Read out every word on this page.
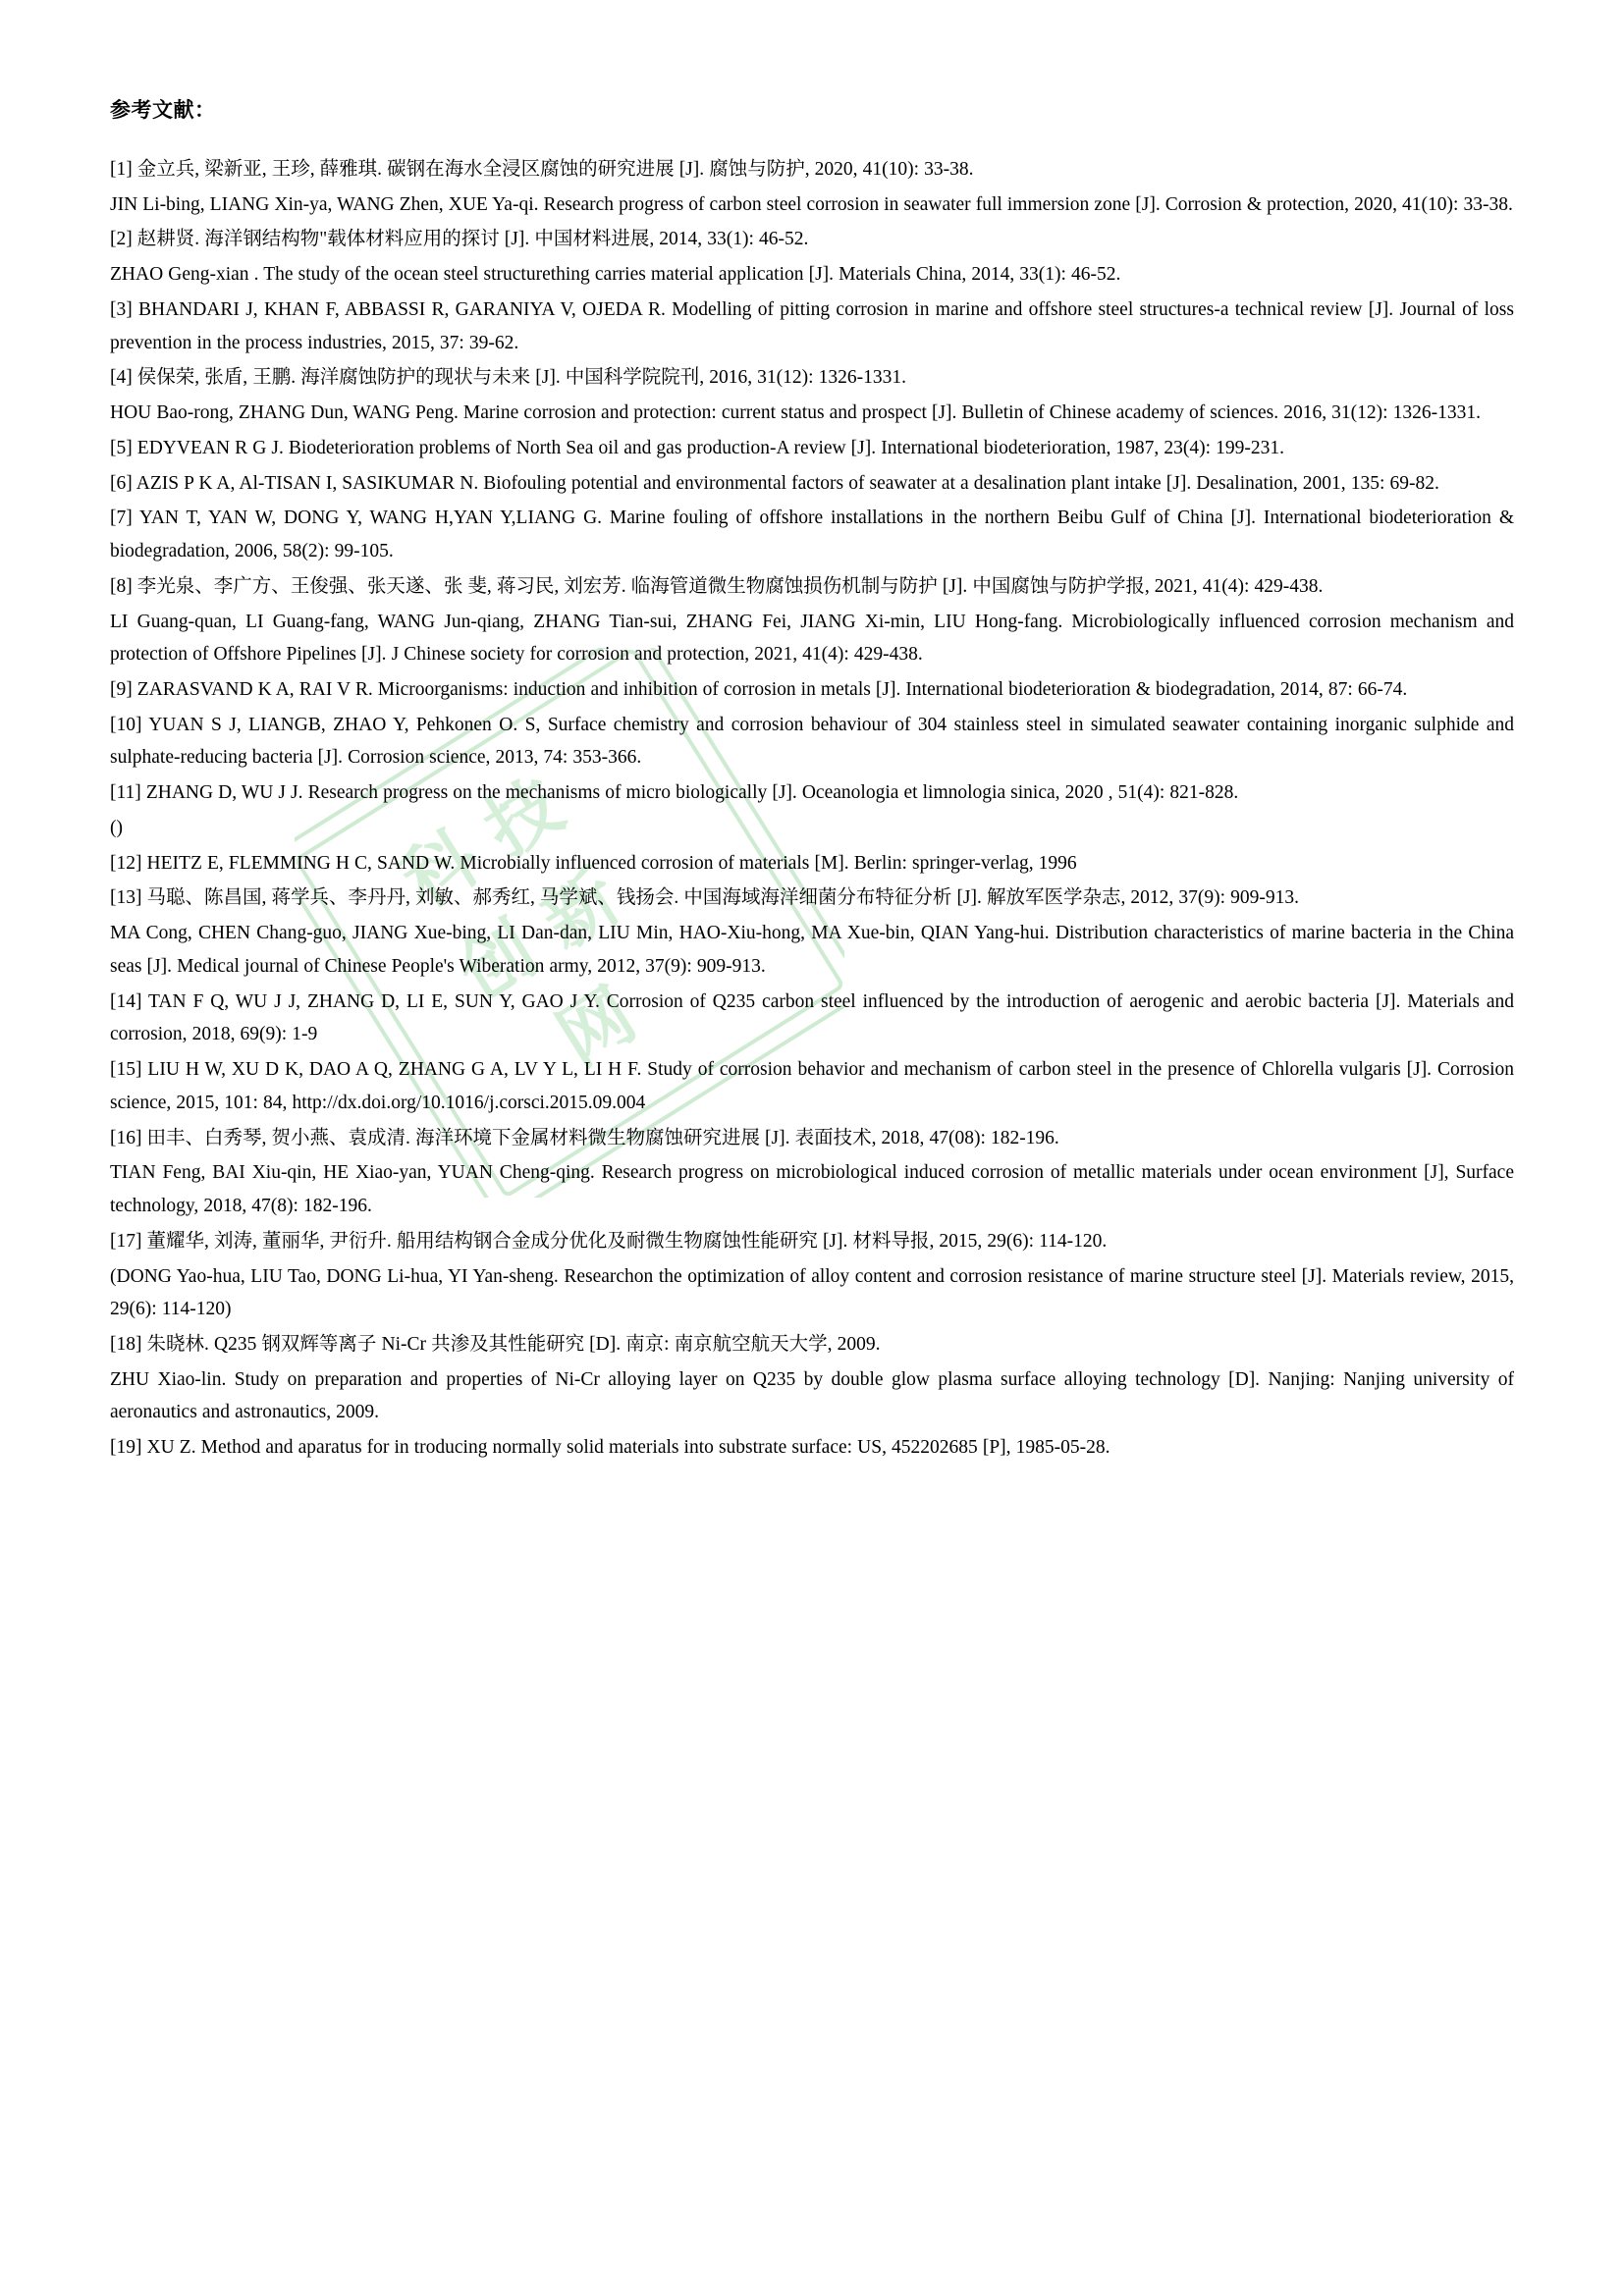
科
技
创
新
网
参考文献：

[1] 金立兵, 梁新亚, 王珍, 薛雅琪. 碳钢在海水全浸区腐蚀的研究进展 [J]. 腐蚀与防护, 2020, 41(10): 33-38.

JIN Li-bing, LIANG Xin-ya, WANG Zhen, XUE Ya-qi. Research progress of carbon steel corrosion in seawater full immersion zone [J]. Corrosion & protection, 2020, 41(10): 33-38.

[2] 赵耕贤. 海洋钢结构物"载体材料应用的探讨 [J]. 中国材料进展, 2014, 33(1): 46-52.

ZHAO Geng-xian . The study of the ocean steel structurething carries material application [J]. Materials China, 2014, 33(1): 46-52.

[3] BHANDARI J, KHAN F, ABBASSI R, GARANIYA V, OJEDA R. Modelling of pitting corrosion in marine and offshore steel structures-a technical review [J]. Journal of loss prevention in the process industries, 2015, 37: 39-62.

[4] 侯保荣, 张盾, 王鹏. 海洋腐蚀防护的现状与未来 [J]. 中国科学院院刊, 2016, 31(12): 1326-1331.

HOU Bao-rong, ZHANG Dun, WANG Peng. Marine corrosion and protection: current status and prospect [J]. Bulletin of Chinese academy of sciences. 2016, 31(12): 1326-1331.

[5] EDYVEAN R G J. Biodeterioration problems of North Sea oil and gas production-A review [J]. International biodeterioration, 1987, 23(4): 199-231.

[6] AZIS P K A, Al-TISAN I, SASIKUMAR N. Biofouling potential and environmental factors of seawater at a desalination plant intake [J]. Desalination, 2001, 135: 69-82.

[7] YAN T, YAN W, DONG Y, WANG H,YAN Y,LIANG G. Marine fouling of offshore installations in the northern Beibu Gulf of China [J]. International biodeterioration & biodegradation, 2006, 58(2): 99-105.

[8] 李光泉、李广方、王俊强、张天遂、张 斐, 蒋习民, 刘宏芳. 临海管道微生物腐蚀损伤机制与防护 [J]. 中国腐蚀与防护学报, 2021, 41(4): 429-438.

LI Guang-quan, LI Guang-fang, WANG Jun-qiang, ZHANG Tian-sui, ZHANG Fei, JIANG Xi-min, LIU Hong-fang. Microbiologically influenced corrosion mechanism and protection of Offshore Pipelines [J]. J Chinese society for corrosion and protection, 2021, 41(4): 429-438.

[9] ZARASVAND K A, RAI V R. Microorganisms: induction and inhibition of corrosion in metals [J]. International biodeterioration & biodegradation, 2014, 87: 66-74.

[10] YUAN S J, LIANGB, ZHAO Y, Pehkonen O. S, Surface chemistry and corrosion behaviour of 304 stainless steel in simulated seawater containing inorganic sulphide and sulphate-reducing bacteria [J]. Corrosion science, 2013, 74: 353-366.

[11] ZHANG D, WU J J. Research progress on the mechanisms of micro biologically [J]. Oceanologia et limnologia sinica, 2020 , 51(4): 821-828.

()

[12] HEITZ E, FLEMMING H C, SAND W. Microbially influenced corrosion of materials [M]. Berlin: springer-verlag, 1996

[13] 马聪、陈昌国, 蒋学兵、李丹丹, 刘敏、郝秀红, 马学斌、钱扬会. 中国海域海洋细菌分布特征分析 [J]. 解放军医学杂志, 2012, 37(9): 909-913.

MA Cong, CHEN Chang-guo, JIANG Xue-bing, LI Dan-dan, LIU Min, HAO-Xiu-hong, MA Xue-bin, QIAN Yang-hui. Distribution characteristics of marine bacteria in the China seas [J]. Medical journal of Chinese People's Wiberation army, 2012, 37(9): 909-913.

[14] TAN F Q, WU J J, ZHANG D, LI E, SUN Y, GAO J Y. Corrosion of Q235 carbon steel influenced by the introduction of aerogenic and aerobic bacteria [J]. Materials and corrosion, 2018, 69(9): 1-9

[15] LIU H W, XU D K, DAO A Q, ZHANG G A, LV Y L, LI H F. Study of corrosion behavior and mechanism of carbon steel in the presence of Chlorella vulgaris [J]. Corrosion science, 2015, 101: 84, http://dx.doi.org/10.1016/j.corsci.2015.09.004

[16] 田丰、白秀琴, 贺小燕、袁成清. 海洋环境下金属材料微生物腐蚀研究进展 [J]. 表面技术, 2018, 47(08): 182-196.

TIAN Feng, BAI Xiu-qin, HE Xiao-yan, YUAN Cheng-qing. Research progress on microbiological induced corrosion of metallic materials under ocean environment [J], Surface technology, 2018, 47(8): 182-196.

[17] 董耀华, 刘涛, 董丽华, 尹衍升. 船用结构钢合金成分优化及耐微生物腐蚀性能研究 [J]. 材料导报, 2015, 29(6): 114-120.

(DONG Yao-hua, LIU Tao, DONG Li-hua, YI Yan-sheng. Researchon the optimization of alloy content and corrosion resistance of marine structure steel [J]. Materials review, 2015, 29(6): 114-120)

[18] 朱晓林. Q235 钢双辉等离子 Ni-Cr 共渗及其性能研究 [D]. 南京: 南京航空航天大学, 2009.

ZHU Xiao-lin. Study on preparation and properties of Ni-Cr alloying layer on Q235 by double glow plasma surface alloying technology [D]. Nanjing: Nanjing university of aeronautics and astronautics, 2009.

[19] XU Z. Method and aparatus for in troducing normally solid materials into substrate surface: US, 452202685 [P], 1985-05-28.
